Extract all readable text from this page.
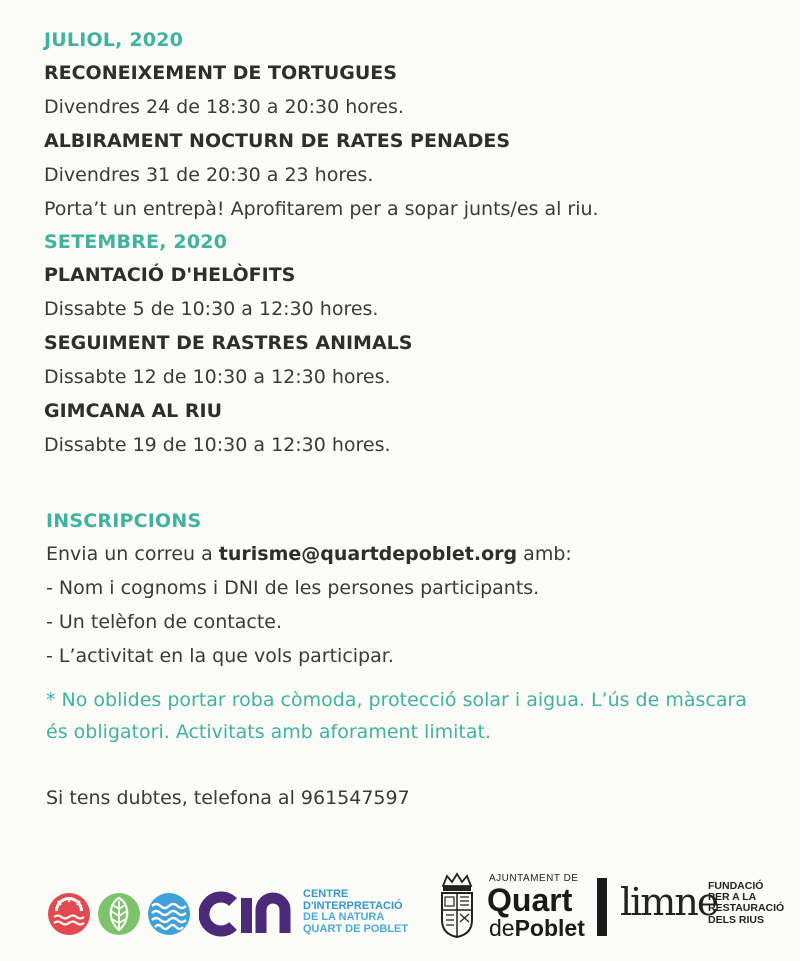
JULIOL, 2020
RECONEIXEMENT DE TORTUGUES
Divendres 24 de 18:30 a 20:30 hores.
ALBIRAMENT NOCTURN DE RATES PENADES
Divendres 31 de 20:30 a 23 hores.
Porta’t un entrepà! Aprofitarem per a sopar junts/es al riu.
SETEMBRE, 2020
PLANTACIÓ D'HELÒFITS
Dissabte 5 de 10:30 a 12:30 hores.
SEGUIMENT DE RASTRES ANIMALS
Dissabte 12 de 10:30 a 12:30 hores.
GIMCANA AL RIU
Dissabte 19 de 10:30 a 12:30 hores.
INSCRIPCIONS
Envia un correu a turisme@quartdepoblet.org amb:
- Nom i cognoms i DNI de les persones participants.
- Un telèfon de contacte.
- L’activitat en la que vols participar.
* No oblides portar roba còmoda, protecció solar i aigua. L’ús de màscara és obligatori. Activitats amb aforament limitat.
Si tens dubtes, telefona al 961547597
CENTRE
D'INTERPRETACIÓ
DE LA NATURA
QUART DE POBLET
AJUNTAMENT DE
Quart
dePoblet
limne
FUNDACIÓ
PER A LA
RESTAURACIÓ
DELS RIUS
